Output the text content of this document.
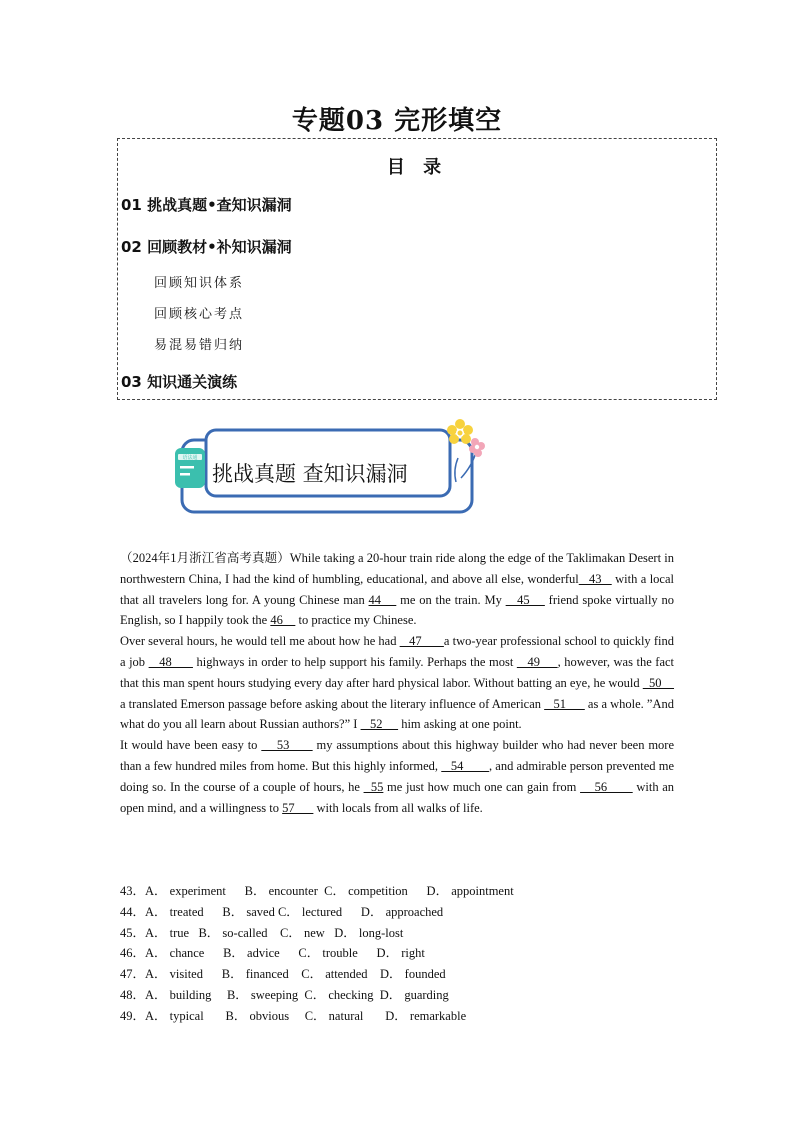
专题03 完形填空
目 录
01 挑战真题•查知识漏洞
02 回顾教材•补知识漏洞
回顾知识体系
回顾核心考点
易混易错归纳
03 知识通关演练
语法通
挑战真题 查知识漏洞

（2024年1月浙江省高考真题）While taking a 20-hour train ride along the edge of the Taklimakan Desert in northwestern China, I had the kind of humbling, educational, and above all else, wonderful   43    with a local that all travelers long for. A young Chinese man 44     me on the train. My    45     friend spoke virtually no English, so I happily took the 46     to practice my Chinese.

Over several hours, he would tell me about how he had    47       a two-year professional school to quickly find a job    48       highways in order to help support his family. Perhaps the most    49     , however, was the fact that this man spent hours studying every day after hard physical labor. Without batting an eye, he would   50     a translated Emerson passage before asking about the literary influence of American    51       as a whole. ”And what do you all learn about Russian authors?” I    52      him asking at one point.

It would have been easy to     53       my assumptions about this highway builder who had never been more than a few hundred miles from home. But this highly informed,    54        , and admirable person prevented me doing so. In the course of a couple of hours, he   55 me just how much one can gain from     56        with an open mind, and a willingness to 57       with locals from all walks of life.

43．A． experiment      B． encounter  C． competition      D． appointment
44．A． treated      B． saved C． lectured      D． approached
45．A． true   B． so-called    C． new   D． long-lost
46．A． chance      B． advice      C． trouble      D． right
47．A． visited      B． financed    C． attended    D． founded
48．A． building     B． sweeping  C． checking  D． guarding
49．A． typical       B． obvious     C． natural       D． remarkable
